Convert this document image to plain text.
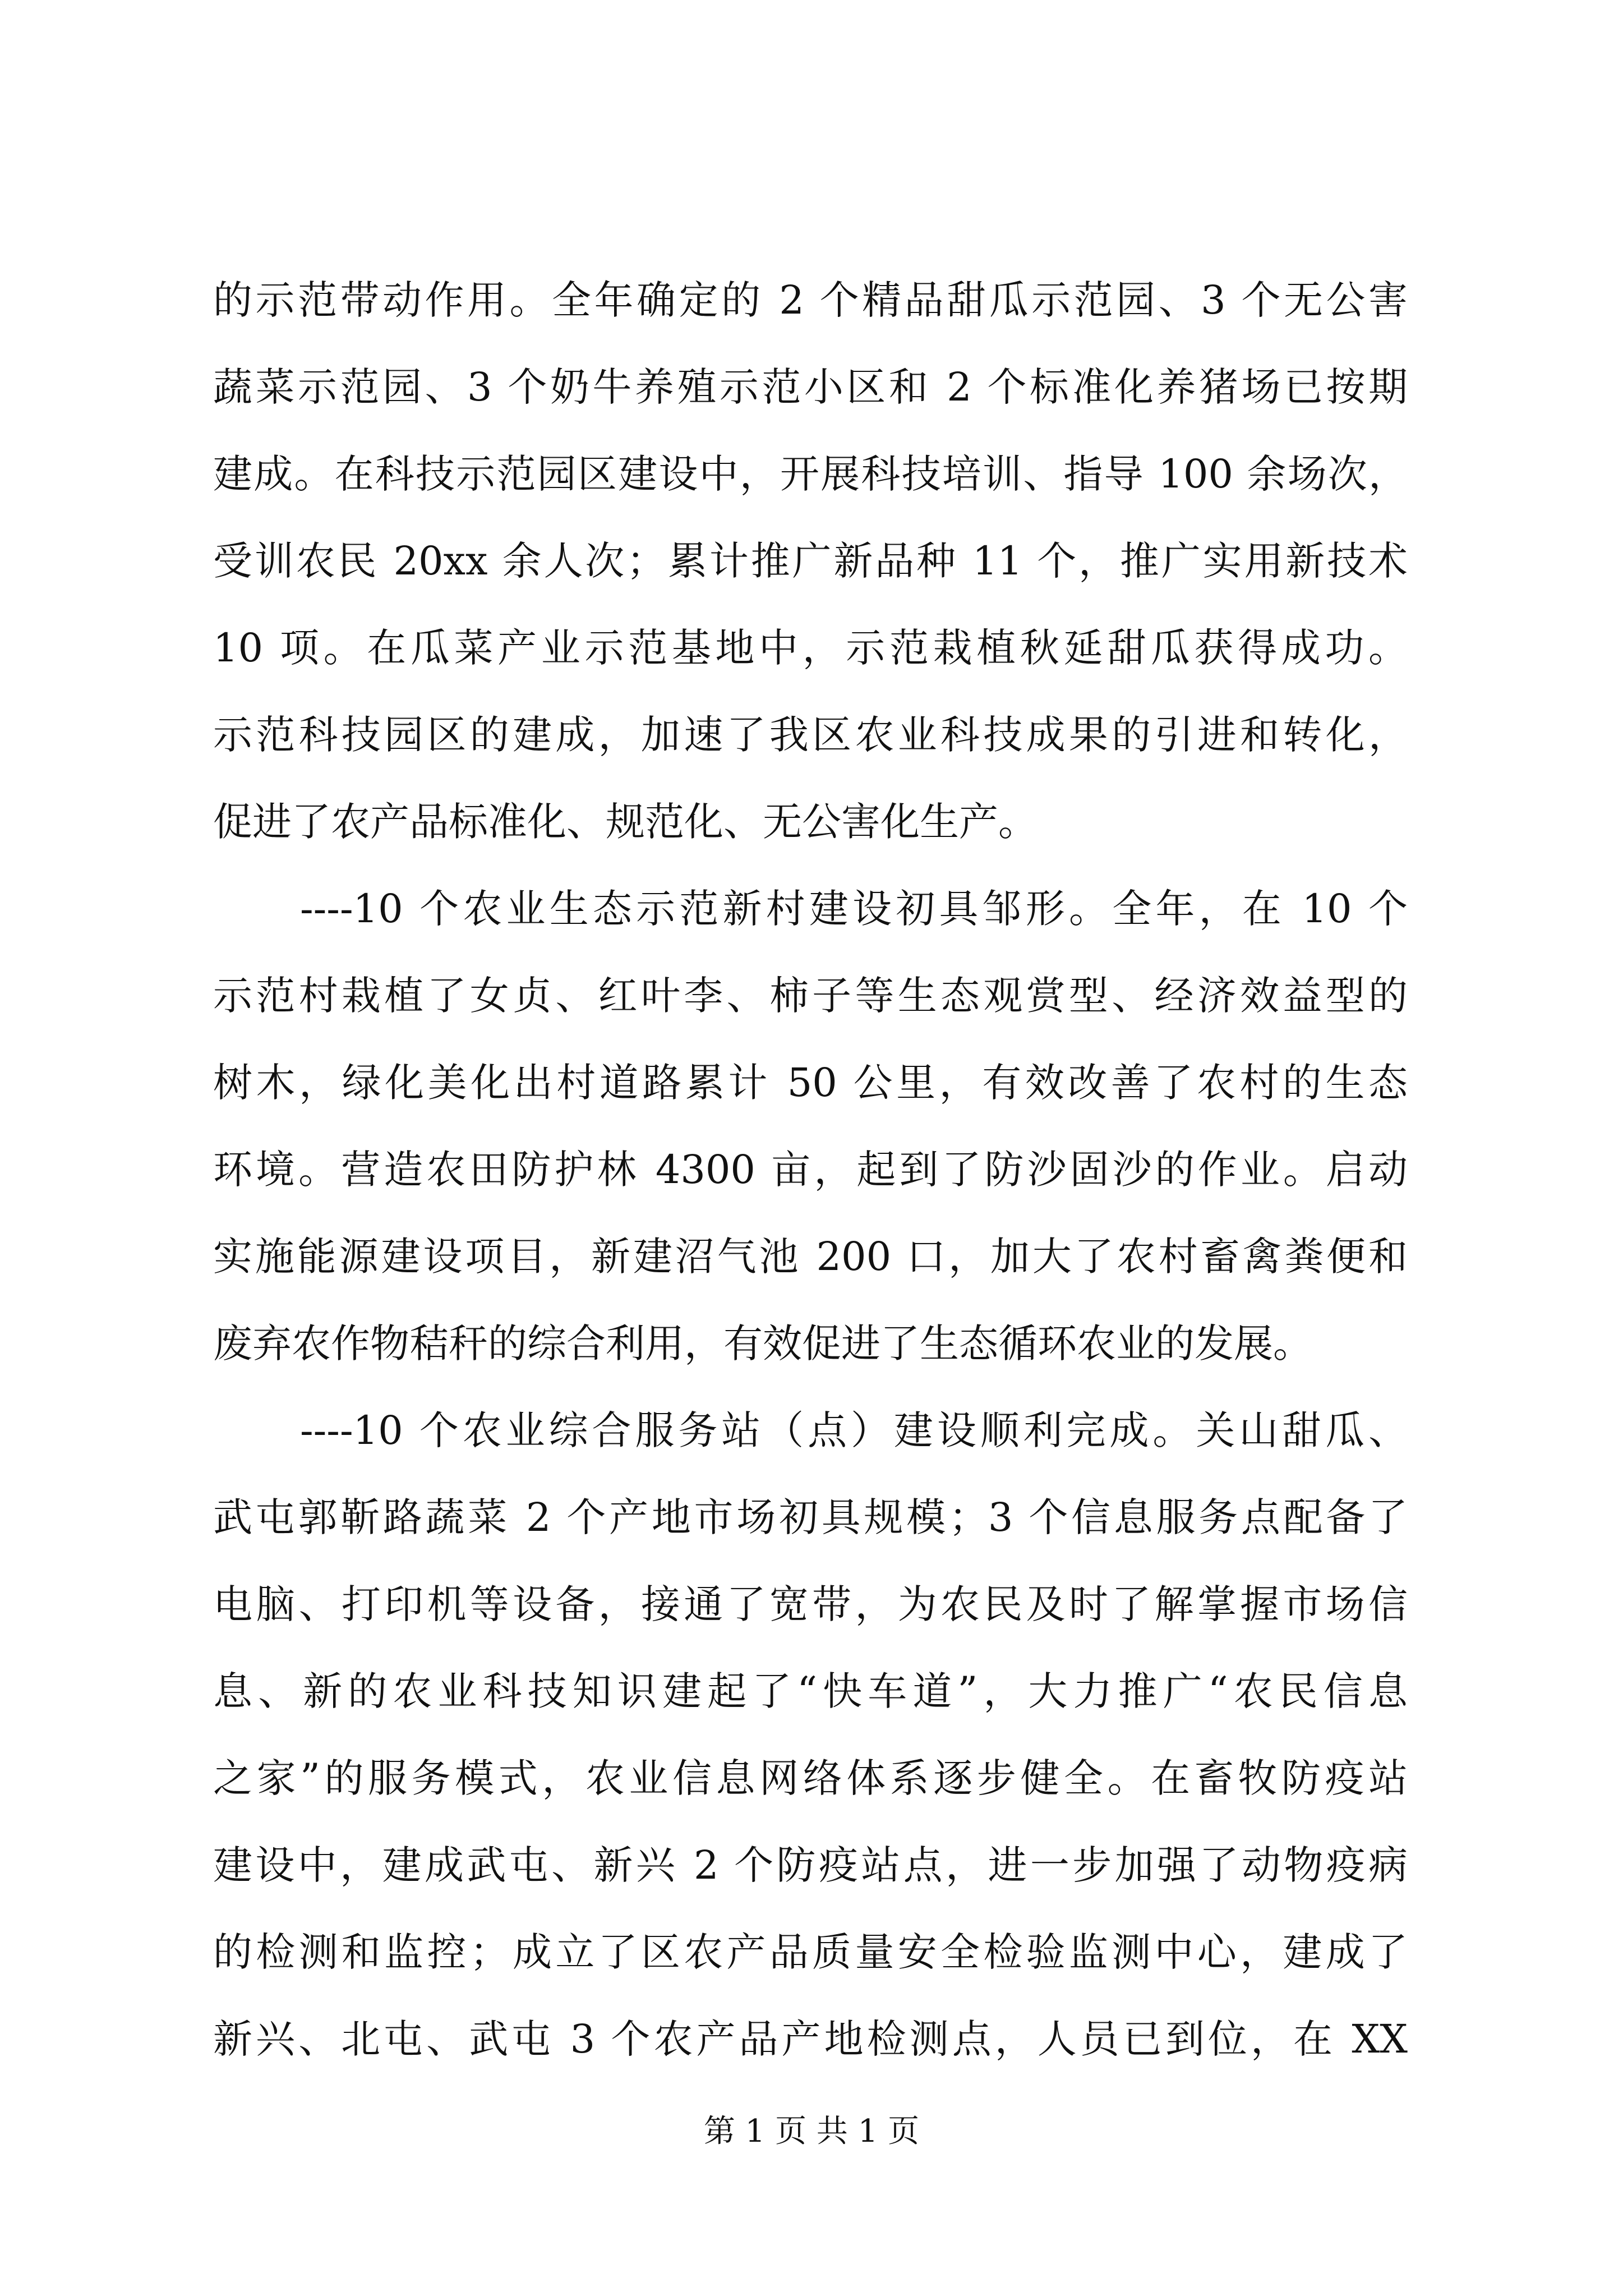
的示范带动作用。全年确定的 2 个精品甜瓜示范园、3 个无公害
蔬菜示范园、3 个奶牛养殖示范小区和 2 个标准化养猪场已按期
建成。在科技示范园区建设中，开展科技培训、指导 100 余场次，
受训农民 20xx 余人次；累计推广新品种 11 个，推广实用新技术
10 项。在瓜菜产业示范基地中，示范栽植秋延甜瓜获得成功。
示范科技园区的建成，加速了我区农业科技成果的引进和转化，
促进了农产品标准化、规范化、无公害化生产。
----10 个农业生态示范新村建设初具邹形。全年，在 10 个
示范村栽植了女贞、红叶李、柿子等生态观赏型、经济效益型的
树木，绿化美化出村道路累计 50 公里，有效改善了农村的生态
环境。营造农田防护林 4300 亩，起到了防沙固沙的作业。启动
实施能源建设项目，新建沼气池 200 口，加大了农村畜禽粪便和
废弃农作物秸秆的综合利用，有效促进了生态循环农业的发展。
----10 个农业综合服务站（点）建设顺利完成。关山甜瓜、
武屯郭靳路蔬菜 2 个产地市场初具规模；3 个信息服务点配备了
电脑、打印机等设备，接通了宽带，为农民及时了解掌握市场信
息、新的农业科技知识建起了“快车道”，大力推广“农民信息
之家”的服务模式，农业信息网络体系逐步健全。在畜牧防疫站
建设中，建成武屯、新兴 2 个防疫站点，进一步加强了动物疫病
的检测和监控；成立了区农产品质量安全检验监测中心，建成了
新兴、北屯、武屯 3 个农产品产地检测点，人员已到位，在 XX
第 1 页 共 1 页
